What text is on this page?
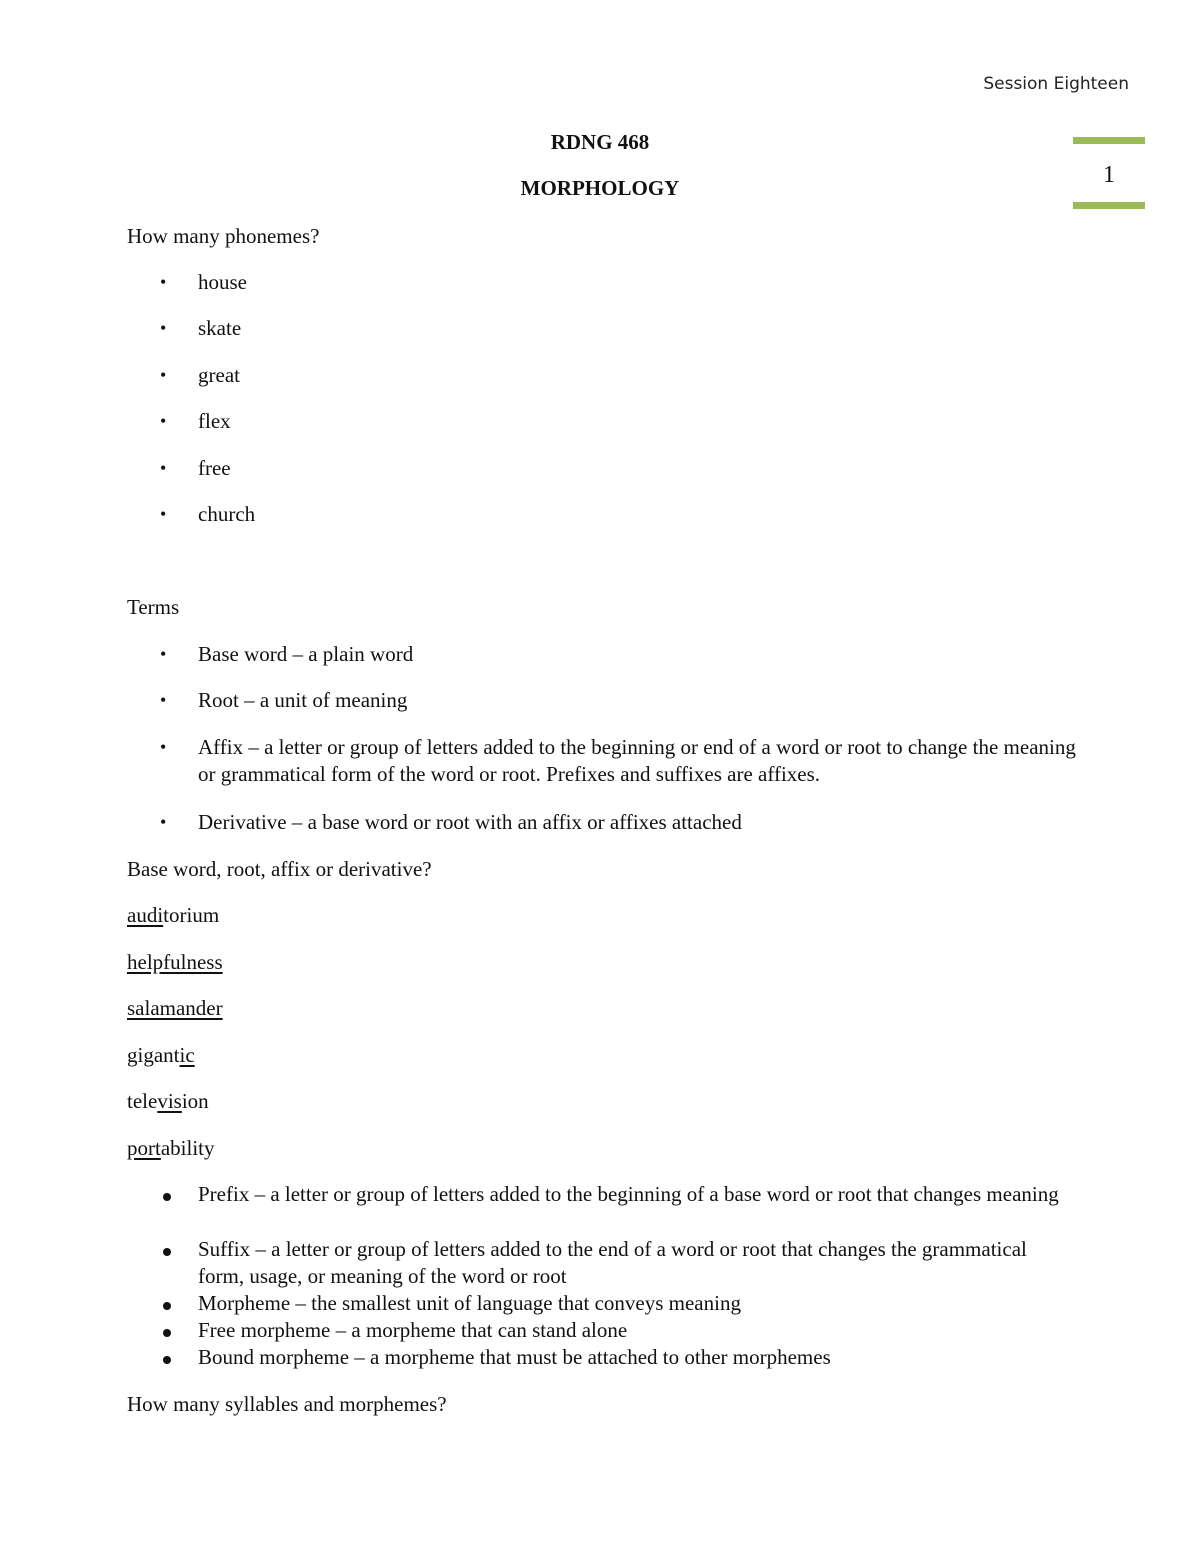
Session Eighteen
1
RDNG 468
MORPHOLOGY
How many phonemes?
•	house
•	skate
•	great
•	flex
•	free
•	church
Terms
•	Base word – a plain word
•	Root – a unit of meaning
•	Affix – a letter or group of letters added to the beginning or end of a word or root to change the meaning or grammatical form of the word or root. Prefixes and suffixes are affixes.
•	Derivative – a base word or root with an affix or affixes attached
Base word, root, affix or derivative?
auditorium
helpfulness
salamander
gigantic
television
portability
Prefix – a letter or group of letters added to the beginning of a base word or root that changes meaning
Suffix – a letter or group of letters added to the end of a word or root that changes the grammatical form, usage, or meaning of the word or root
Morpheme – the smallest unit of language that conveys meaning
Free morpheme – a morpheme that can stand alone
Bound morpheme – a morpheme that must be attached to other morphemes
How many syllables and morphemes?
